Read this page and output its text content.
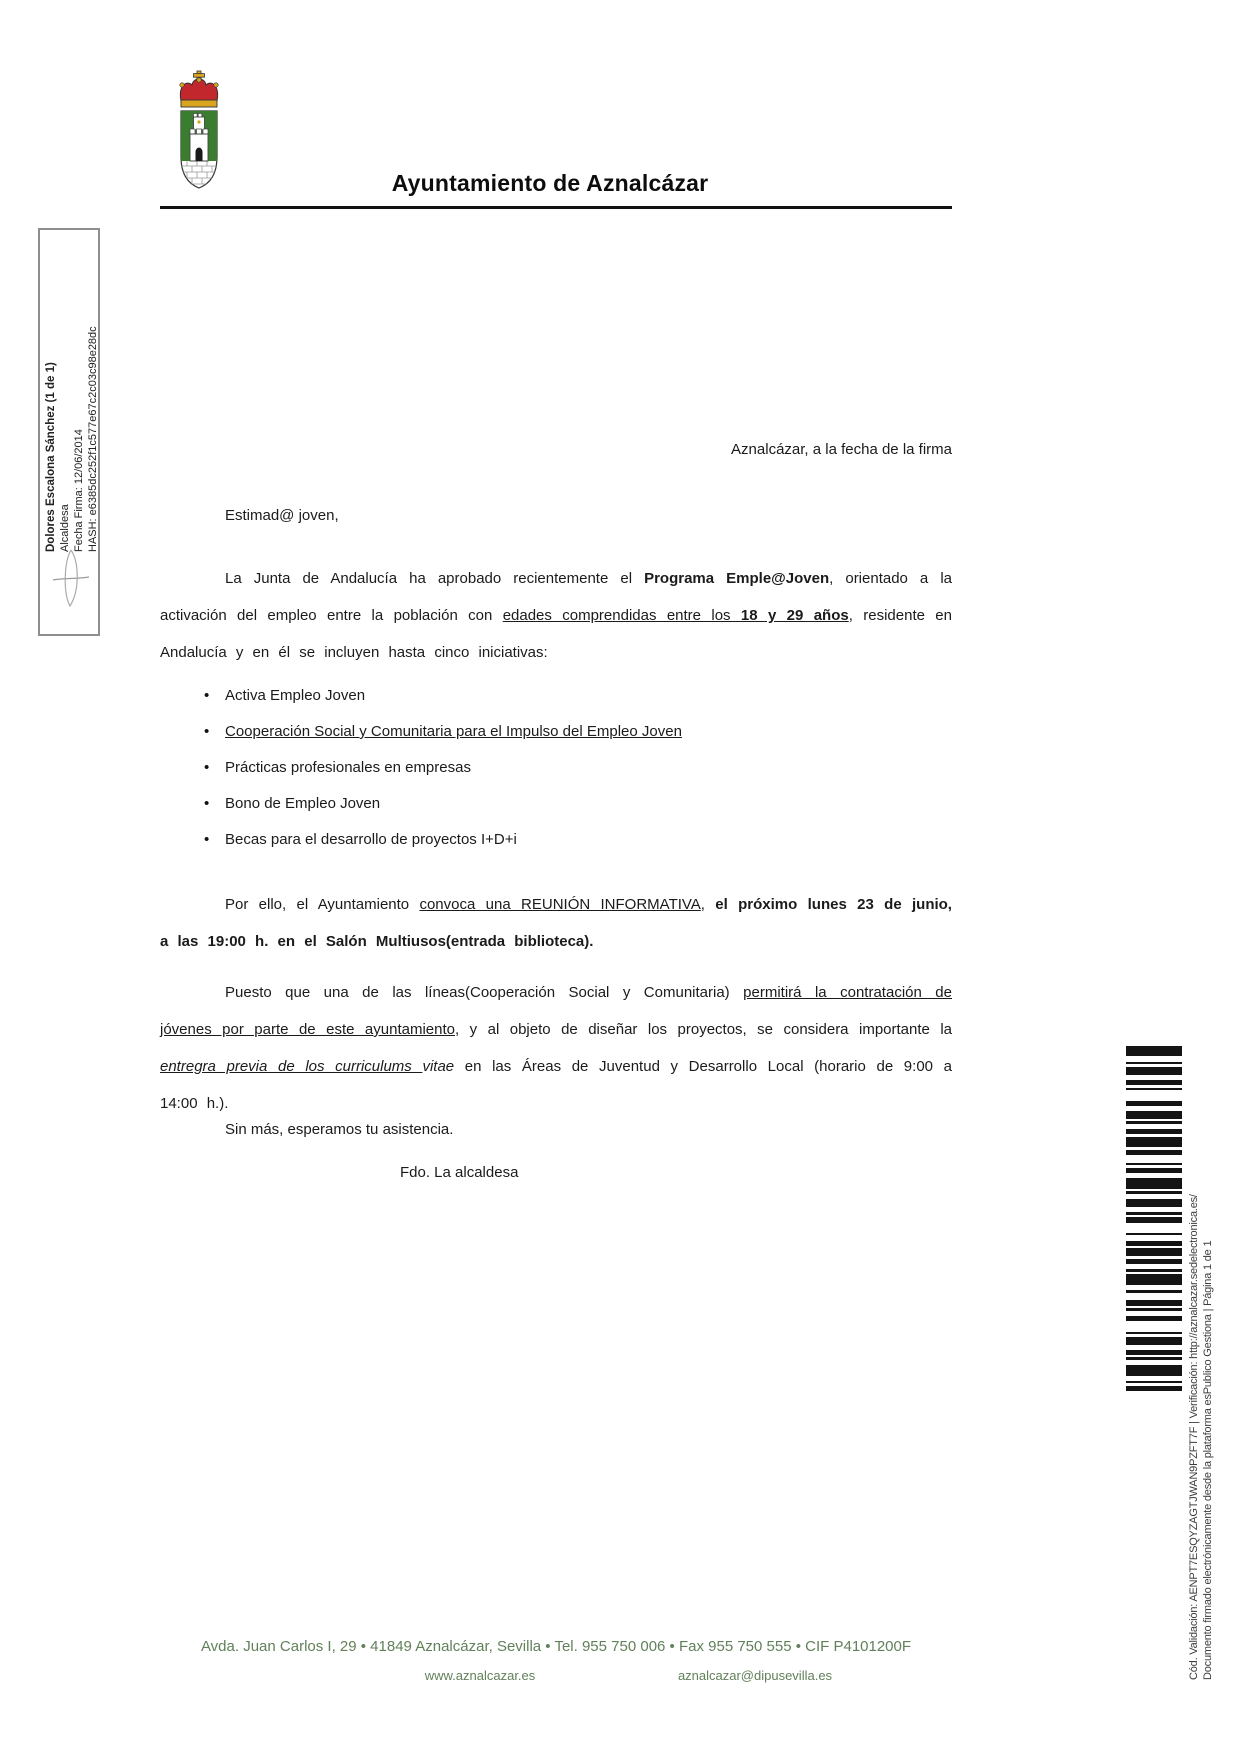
Ayuntamiento de Aznalcázar
Dolores Escalona Sánchez (1 de 1) Alcaldesa Fecha Firma: 12/06/2014 HASH: e6385dc252f1c577e67c2c03c98e28dc	Aznalcázar, a la fecha de la firma
Estimad@ joven,

La Junta de Andalucía ha aprobado recientemente el Programa Emple@Joven, orientado a la activación del empleo entre la población con edades comprendidas entre los 18 y 29 años, residente en Andalucía y en él se incluyen hasta cinco iniciativas:

• Activa Empleo Joven
• Cooperación Social y Comunitaria para el Impulso del Empleo Joven
• Prácticas profesionales en empresas
• Bono de Empleo Joven
• Becas para el desarrollo de proyectos I+D+i

Por ello, el Ayuntamiento convoca una REUNIÓN INFORMATIVA, el próximo lunes 23 de junio, a las 19:00 h. en el Salón Multiusos(entrada biblioteca).

Puesto que una de las líneas(Cooperación Social y Comunitaria) permitirá la contratación de jóvenes por parte de este ayuntamiento, y al objeto de diseñar los proyectos, se considera importante la entregra previa de los curriculums vitae en las Áreas de Juventud y Desarrollo Local (horario de 9:00 a 14:00 h.).

Sin más, esperamos tu asistencia.
Fdo. La alcaldesa
Cód. Validación: AENPT7ESQYZAGTJWAN9PZFT7F | Verificación: http://aznalcazar.sedelectronica.es/ Documento firmado electrónicamente desde la plataforma esPublico Gestiona | Página 1 de 1
Avda. Juan Carlos I, 29 • 41849 Aznalcázar, Sevilla • Tel. 955 750 006 • Fax 955 750 555 • CIF P4101200F
www.aznalcazar.es	aznalcazar@dipusevilla.es
